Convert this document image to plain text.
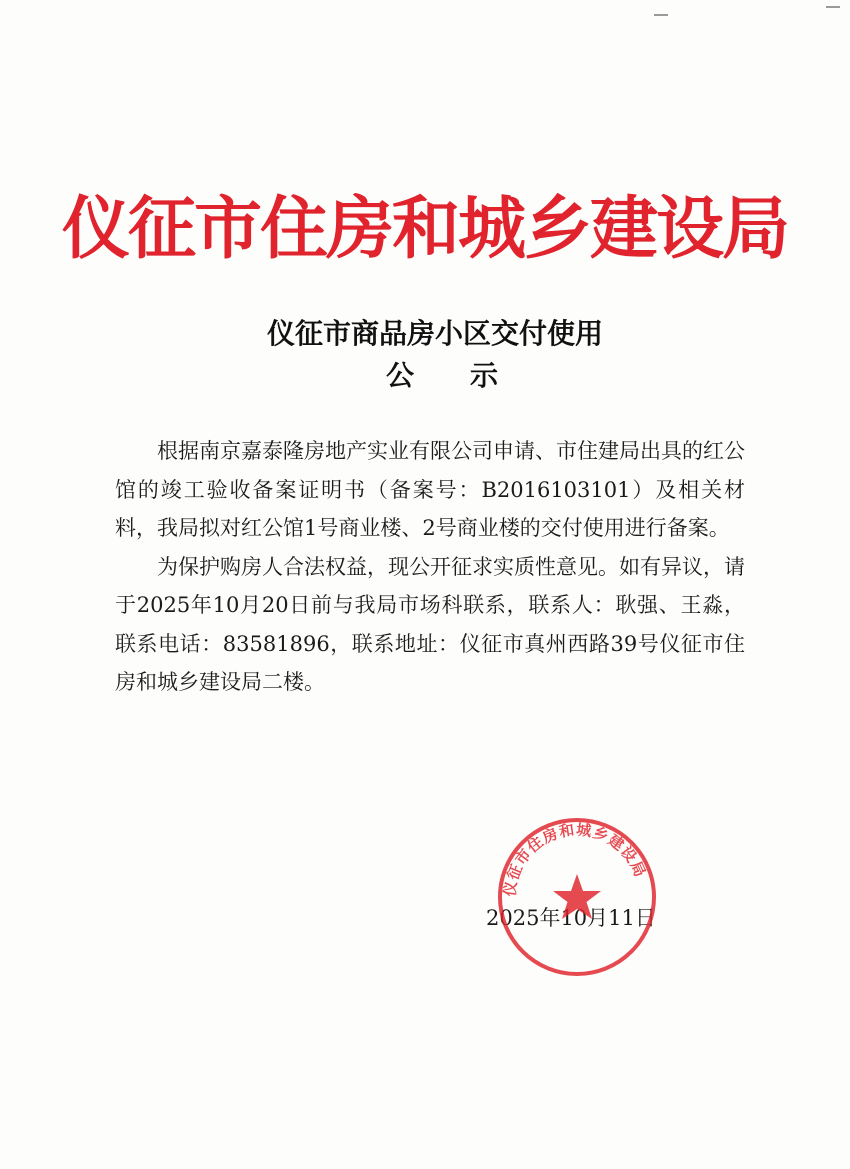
仪征市住房和城乡建设局
仪征市商品房小区交付使用
公示

根据南京嘉泰隆房地产实业有限公司申请、市住建局出具的红公馆的竣工验收备案证明书（备案号：B2016103101）及相关材料，我局拟对红公馆1号商业楼、2号商业楼的交付使用进行备案。

为保护购房人合法权益，现公开征求实质性意见。如有异议，请于2025年10月20日前与我局市场科联系，联系人：耿强、王淼，联系电话：83581896，联系地址：仪征市真州西路39号仪征市住房和城乡建设局二楼。

2025年10月11日
仪征市住房和城乡建设局
